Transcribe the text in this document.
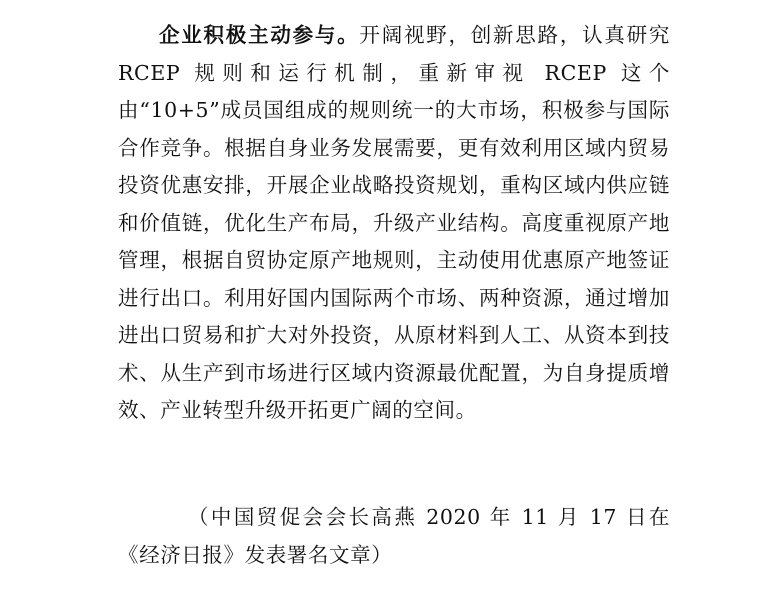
企业积极主动参与。开阔视野，创新思路，认真研究RCEP 规则和运行机制，重新审视 RCEP 这个由“10+5”成员国组成的规则统一的大市场，积极参与国际合作竞争。根据自身业务发展需要，更有效利用区域内贸易投资优惠安排，开展企业战略投资规划，重构区域内供应链和价值链，优化生产布局，升级产业结构。高度重视原产地管理，根据自贸协定原产地规则，主动使用优惠原产地签证进行出口。利用好国内国际两个市场、两种资源，通过增加进出口贸易和扩大对外投资，从原材料到人工、从资本到技术、从生产到市场进行区域内资源最优配置，为自身提质增效、产业转型升级开拓更广阔的空间。

（中国贸促会会长高燕 2020 年 11 月 17 日在《经济日报》发表署名文章）
